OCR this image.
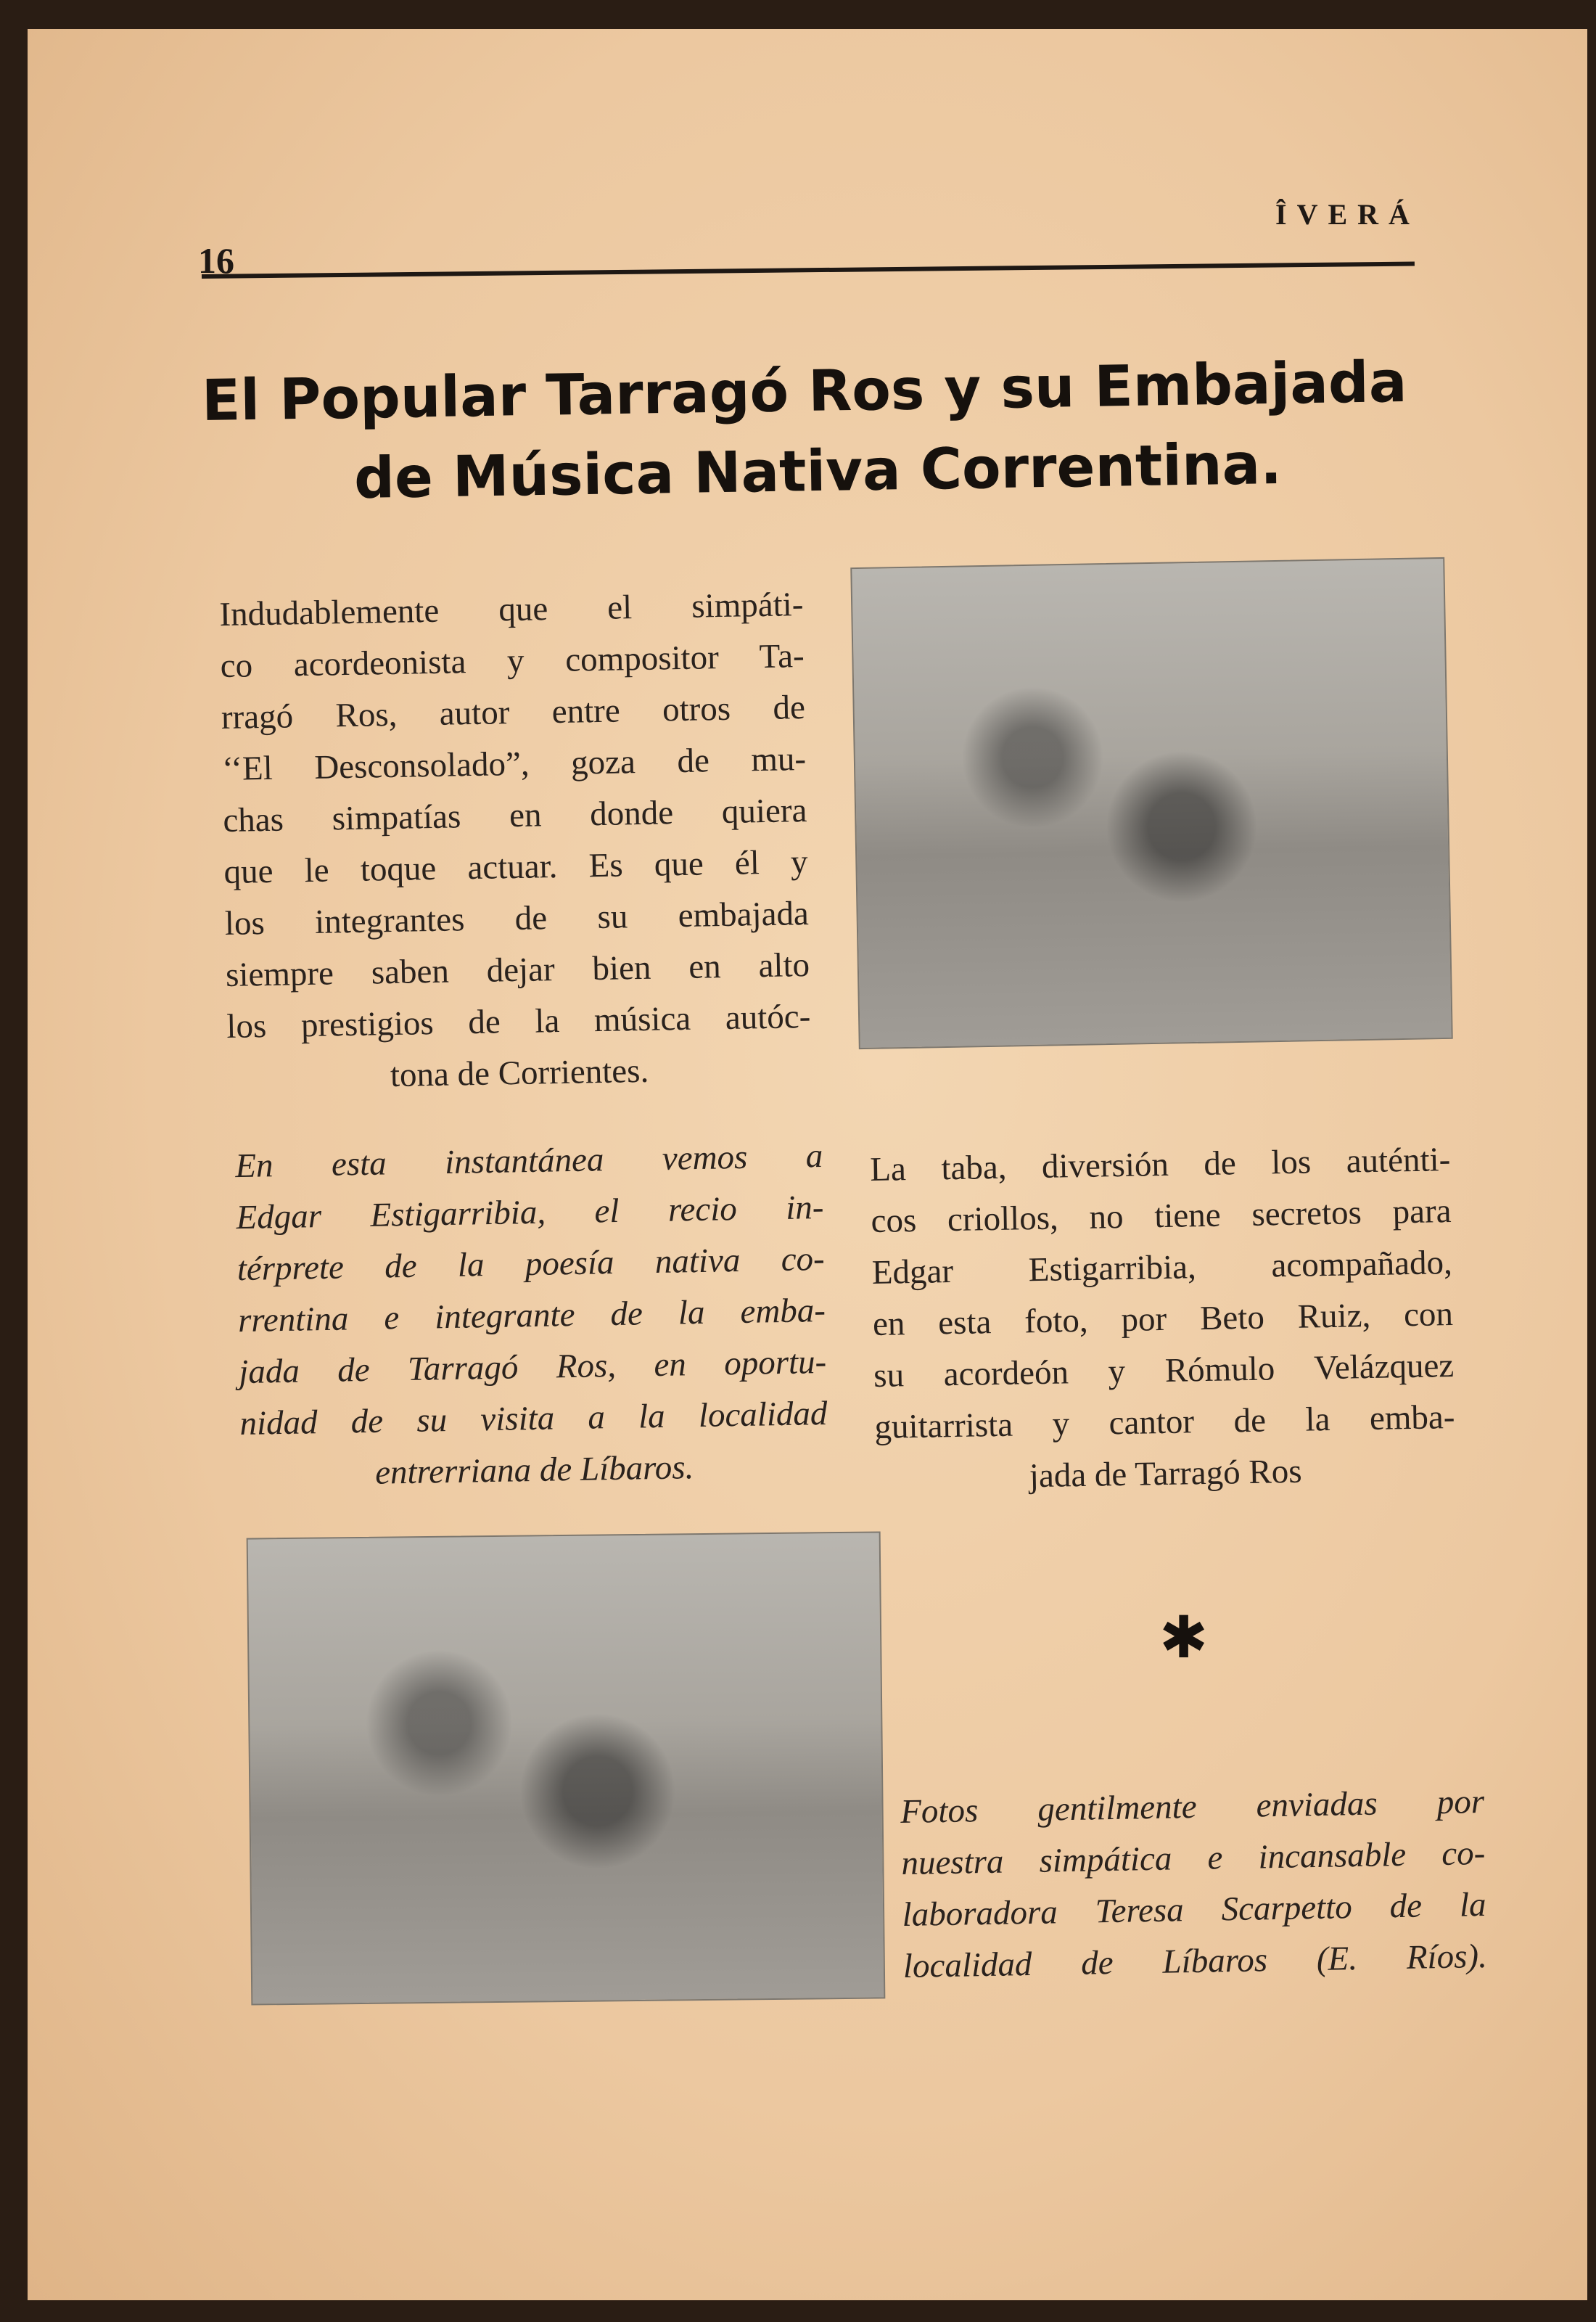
16
ÎVERÁ
El Popular Tarragó Ros y su Embajada
de Música Nativa Correntina.
Indudablemente que el simpáti-
co acordeonista y compositor Ta-
rragó Ros, autor entre otros de
‘‘El Desconsolado”, goza de mu-
chas simpatías en donde quiera
que le toque actuar. Es que él y
los integrantes de su embajada
siempre saben dejar bien en alto
los prestigios de la música autóc-
tona de Corrientes.
En esta instantánea vemos a
Edgar Estigarribia, el recio in-
térprete de la poesía nativa co-
rrentina e integrante de la emba-
jada de Tarragó Ros, en oportu-
nidad de su visita a la localidad
entrerriana de Líbaros.
La taba, diversión de los auténti-
cos criollos, no tiene secretos para
Edgar Estigarribia, acompañado,
en esta foto, por Beto Ruiz, con
su acordeón y Rómulo Velázquez
guitarrista y cantor de la emba-
jada de Tarragó Ros
✱
Fotos gentilmente enviadas por
nuestra simpática e incansable co-
laboradora Teresa Scarpetto de la
localidad de Líbaros (E. Ríos).
